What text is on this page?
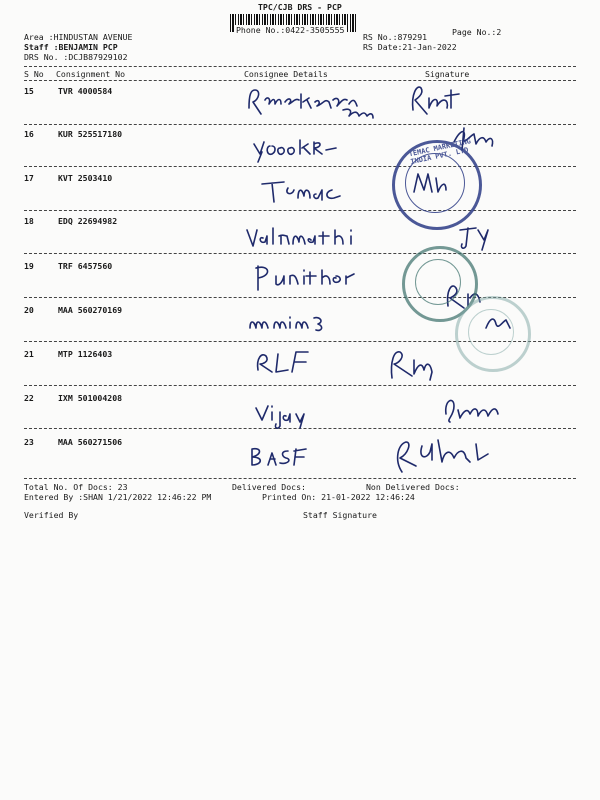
TPC/CJB DRS - PCP
Phone No.:0422-3505555	Page No.:2
Area :HINDUSTAN AVENUE
Staff :BENJAMIN PCP
DRS No. :DCJB87929102
RS No.:879291
RS Date:21-Jan-2022
S No Consignment No	Consignee Details	Signature
15	TVR 4000584
16	KUR 525517180
17	KVT 2503410
18	EDQ 22694982
19	TRF 6457560
20	MAA 560270169
21	MTP 1126403
22	IXM 501004208
23	MAA 560271506
TEMAC MARKETING INDIA PVT. LTD
Total No. Of Docs: 23	Delivered Docs:	Non Delivered Docs:
Entered By :SHAN 1/21/2022 12:46:22 PM	Printed On: 21-01-2022 12:46:24
Verified By	Staff Signature
